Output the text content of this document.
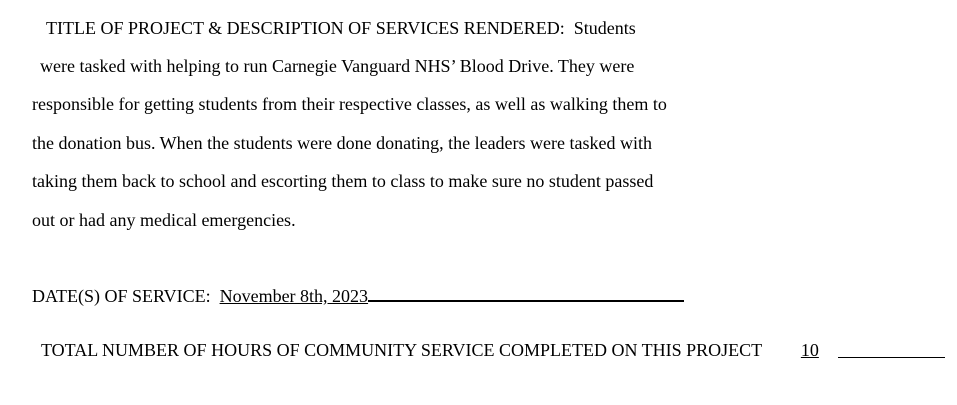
TITLE OF PROJECT & DESCRIPTION OF SERVICES RENDERED: Students
were tasked with helping to run Carnegie Vanguard NHS’ Blood Drive. They were
responsible for getting students from their respective classes, as well as walking them to
the donation bus. When the students were done donating, the leaders were tasked with
taking them back to school and escorting them to class to make sure no student passed
out or had any medical emergencies.
DATE(S) OF SERVICE: November 8th, 2023
TOTAL NUMBER OF HOURS OF COMMUNITY SERVICE COMPLETED ON THIS PROJECT 10
